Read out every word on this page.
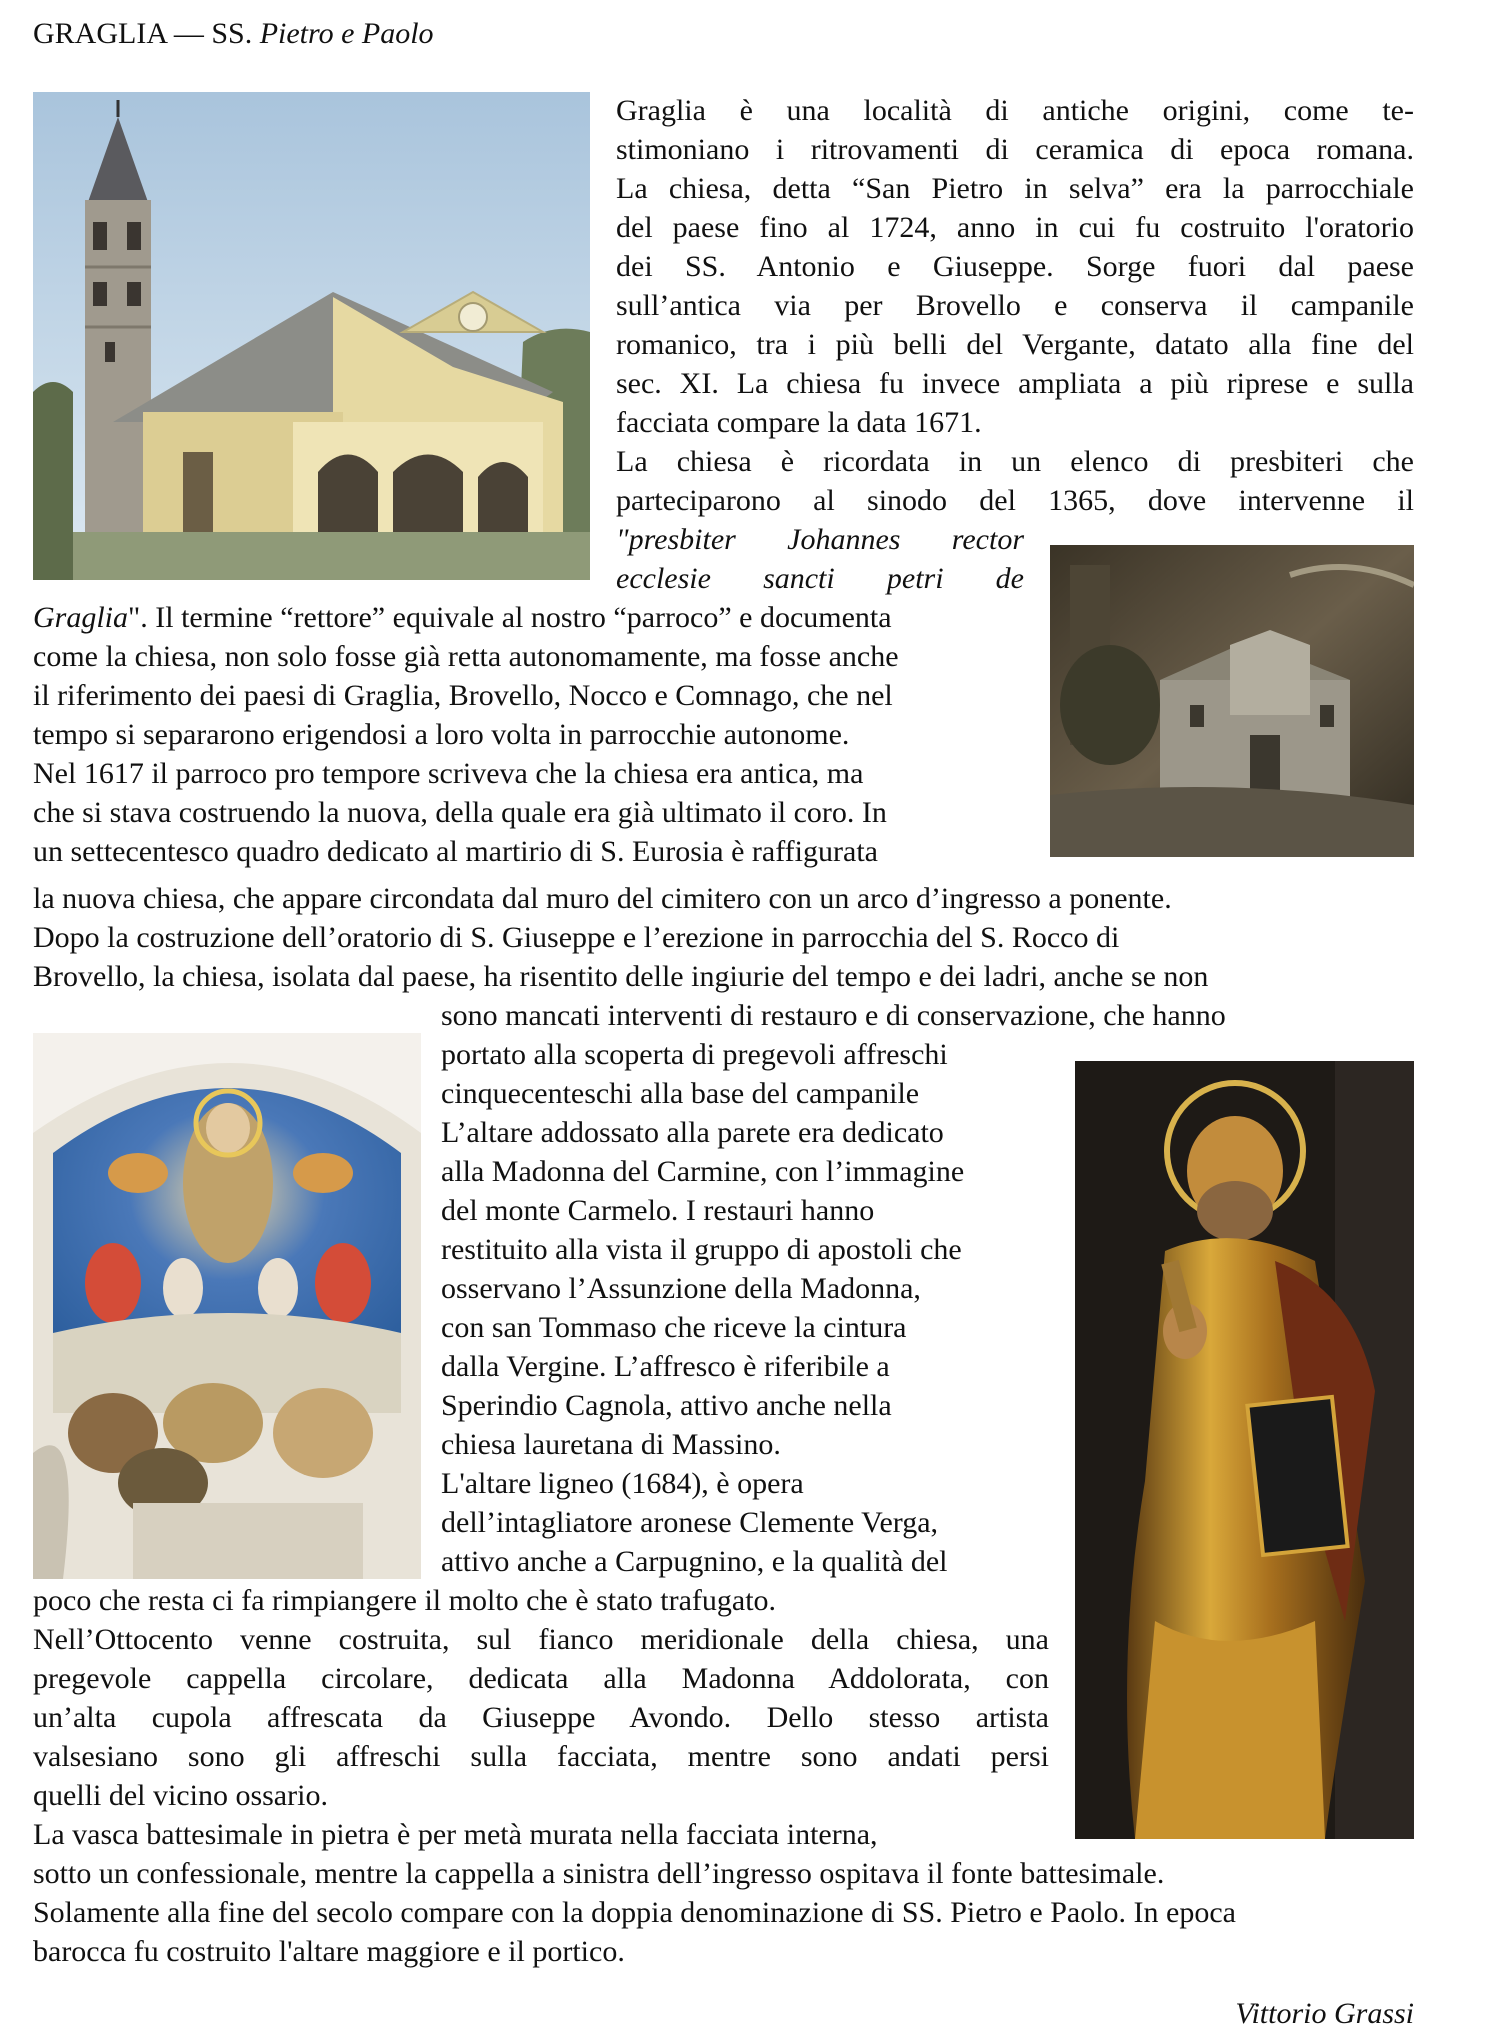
GRAGLIA — SS. Pietro e Paolo

Graglia è una località di antiche origini, come te-

stimoniano i ritrovamenti di ceramica di epoca romana.

La chiesa, detta “San Pietro in selva” era la parrocchiale

del paese fino al 1724, anno in cui fu costruito l'oratorio

dei SS. Antonio e Giuseppe. Sorge fuori dal paese

sull’antica via per Brovello e conserva il campanile

romanico, tra i più belli del Vergante, datato alla fine del

sec. XI. La chiesa fu invece ampliata a più riprese e sulla

facciata compare la data 1671.

La chiesa è ricordata in un elenco di presbiteri che

parteciparono al sinodo del 1365, dove intervenne il

"presbiter Johannes rector

ecclesie sancti petri de

Graglia". Il termine “rettore” equivale al nostro “parroco” e documenta

come la chiesa, non solo fosse già retta autonomamente, ma fosse anche

il riferimento dei paesi di Graglia, Brovello, Nocco e Comnago, che nel

tempo si separarono erigendosi a loro volta in parrocchie autonome.

Nel 1617 il parroco pro tempore scriveva che la chiesa era antica, ma

che si stava costruendo la nuova, della quale era già ultimato il coro. In

un settecentesco quadro dedicato al martirio di S. Eurosia è raffigurata

la nuova chiesa, che appare circondata dal muro del cimitero con un arco d’ingresso a ponente.

Dopo la costruzione dell’oratorio di S. Giuseppe e l’erezione in parrocchia del S. Rocco di

Brovello, la chiesa, isolata dal paese, ha risentito delle ingiurie del tempo e dei ladri, anche se non

sono mancati interventi di restauro e di conservazione, che hanno

portato alla scoperta di pregevoli affreschi

cinquecenteschi alla base del campanile

L’altare addossato alla parete era dedicato

alla Madonna del Carmine, con l’immagine

del monte Carmelo. I restauri hanno

restituito alla vista il gruppo di apostoli che

osservano l’Assunzione della Madonna,

con san Tommaso che riceve la cintura

dalla Vergine. L’affresco è riferibile a

Sperindio Cagnola, attivo anche nella

chiesa lauretana di Massino.

L'altare ligneo (1684), è opera

dell’intagliatore aronese Clemente Verga,

attivo anche a Carpugnino, e la qualità del

poco che resta ci fa rimpiangere il molto che è stato trafugato.

Nell’Ottocento venne costruita, sul fianco meridionale della chiesa, una

pregevole cappella circolare, dedicata alla Madonna Addolorata, con

un’alta cupola affrescata da Giuseppe Avondo. Dello stesso artista

valsesiano sono gli affreschi sulla facciata, mentre sono andati persi

quelli del vicino ossario.

La vasca battesimale in pietra è per metà murata nella facciata interna,

sotto un confessionale, mentre la cappella a sinistra dell’ingresso ospitava il fonte battesimale.

Solamente alla fine del secolo compare con la doppia denominazione di SS. Pietro e Paolo. In epoca

barocca fu costruito l'altare maggiore e il portico.

Vittorio Grassi
